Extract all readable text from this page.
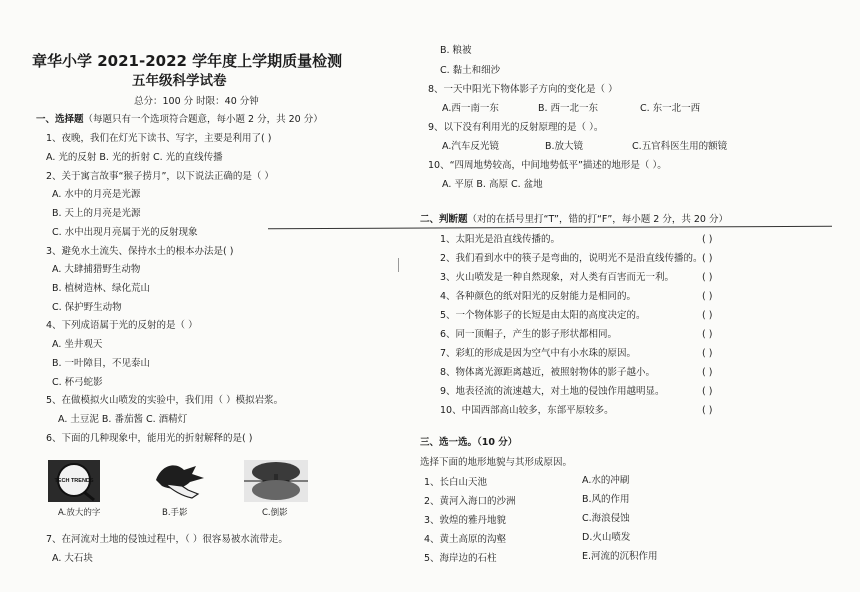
章华小学 2021-2022 学年度上学期质量检测
五年级科学试卷
总分：100 分 时限：40 分钟
一、选择题（每题只有一个选项符合题意，每小题 2 分，共 20 分）
1、夜晚，我们在灯光下读书、写字，主要是利用了( )
A. 光的反射 B. 光的折射 C. 光的直线传播
2、关于寓言故事“猴子捞月”，以下说法正确的是（ ）
A. 水中的月亮是光源
B. 天上的月亮是光源
C. 水中出现月亮属于光的反射现象
3、避免水土流失、保持水土的根本办法是( )
A. 大肆捕猎野生动物
B. 植树造林、绿化荒山
C. 保护野生动物
4、下列成语属于光的反射的是（ ）
A. 坐井观天
B. 一叶障目，不见泰山
C. 杯弓蛇影
5、在做模拟火山喷发的实验中，我们用（ ）模拟岩浆。
A. 土豆泥 B. 番茄酱 C. 酒精灯
6、下面的几种现象中，能用光的折射解释的是( )
TECH TRENDS
A.放大的字	B.手影	C.倒影
7、在河流对土地的侵蚀过程中，（ ）很容易被水流带走。
A. 大石块
B. 粮被
C. 黏土和细沙
8、一天中阳光下物体影子方向的变化是（ ）
A.西一南一东	B. 西一北一东	C. 东一北一西
9、以下没有利用光的反射原理的是（ ）。
A.汽车反光镜	B.放大镜	C.五官科医生用的额镜
10、“四周地势较高，中间地势低平”描述的地形是（ ）。
A. 平原 B. 高原 C. 盆地
二、判断题（对的在括号里打“T”，错的打“F”，每小题 2 分，共 20 分）
1、太阳光是沿直线传播的。	( )
2、我们看到水中的筷子是弯曲的，说明光不是沿直线传播的。 ( )
3、火山喷发是一种自然现象，对人类有百害而无一利。	( )
4、各种颜色的纸对阳光的反射能力是相同的。	( )
5、一个物体影子的长短是由太阳的高度决定的。	( )
6、同一顶帽子，产生的影子形状都相同。	( )
7、彩虹的形成是因为空气中有小水珠的原因。	( )
8、物体离光源距离越近，被照射物体的影子越小。	( )
9、地表径流的流速越大，对土地的侵蚀作用越明显。	( )
10、中国西部高山较多，东部平原较多。	( )
三、选一选。（10 分）
选择下面的地形地貌与其形成原因。
1、长白山天池	A.水的冲刷
2、黄河入海口的沙洲	B.风的作用
3、敦煌的雅丹地貌	C.海浪侵蚀
4、黄土高原的沟壑	D.火山喷发
5、海岸边的石柱	E.河流的沉积作用
